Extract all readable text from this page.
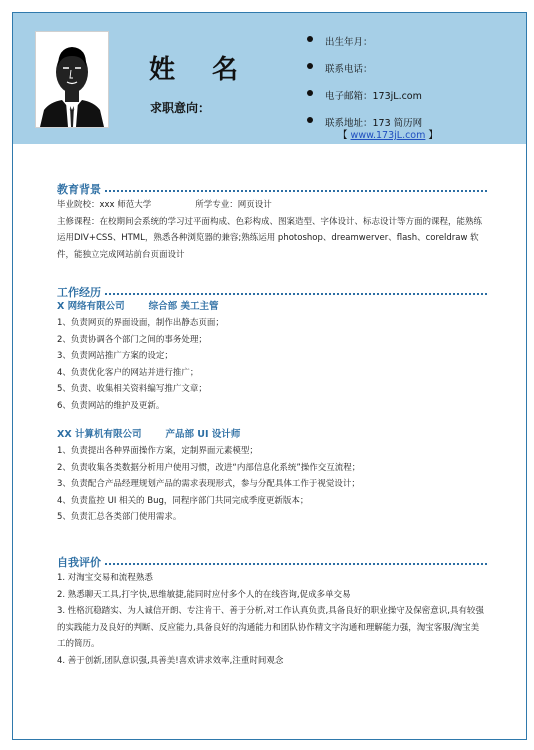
姓 名
求职意向：
出生年月：
联系电话：
电子邮箱：173jL.com
联系地址：173 简历网
【 www.173jL.com 】
教育背景
毕业院校：xxx 师范大学	所学专业：网页设计
主修课程：在校期间会系统的学习过平面构成、色彩构成、图案造型、字体设计、标志设计等方面的课程，能熟练运用DIV+CSS、HTML，熟悉各种浏览器的兼容;熟练运用 photoshop、dreamwerver、flash、coreldraw 软件，能独立完成网站前台页面设计
工作经历
X 网络有限公司	综合部 美工主管
1、负责网页的界面设面，制作出静态页面；
2、负责协调各个部门之间的事务处理；
3、负责网站推广方案的设定；
4、负责优化客户的网站并进行推广；
5、负责、收集相关资料编写推广文章；
6、负责网站的维护及更新。
XX 计算机有限公司	产品部 UI 设计师
1、负责提出各种界面操作方案，定制界面元素模型；
2、负责收集各类数据分析用户使用习惯，改进“内部信息化系统”操作交互流程；
3、负责配合产品经理规划产品的需求表现形式，参与分配具体工作于视觉设计；
4、负责监控 UI 相关的 Bug，同程序部门共同完成季度更新版本；
5、负责汇总各类部门使用需求。
自我评价
1. 对淘宝交易和流程熟悉
2. 熟悉聊天工具,打字快,思维敏捷,能同时应付多个人的在线咨询,促成多单交易
3. 性格沉稳踏实、为人诚信开朗、专注肯干、善于分析,对工作认真负责,具备良好的职业操守及保密意识,具有较强的实践能力及良好的判断、反应能力,具备良好的沟通能力和团队协作精文字沟通和理解能力强，淘宝客服/淘宝美工的简历。
4. 善于创新,团队意识强,具善美!喜欢讲求效率,注重时间观念
